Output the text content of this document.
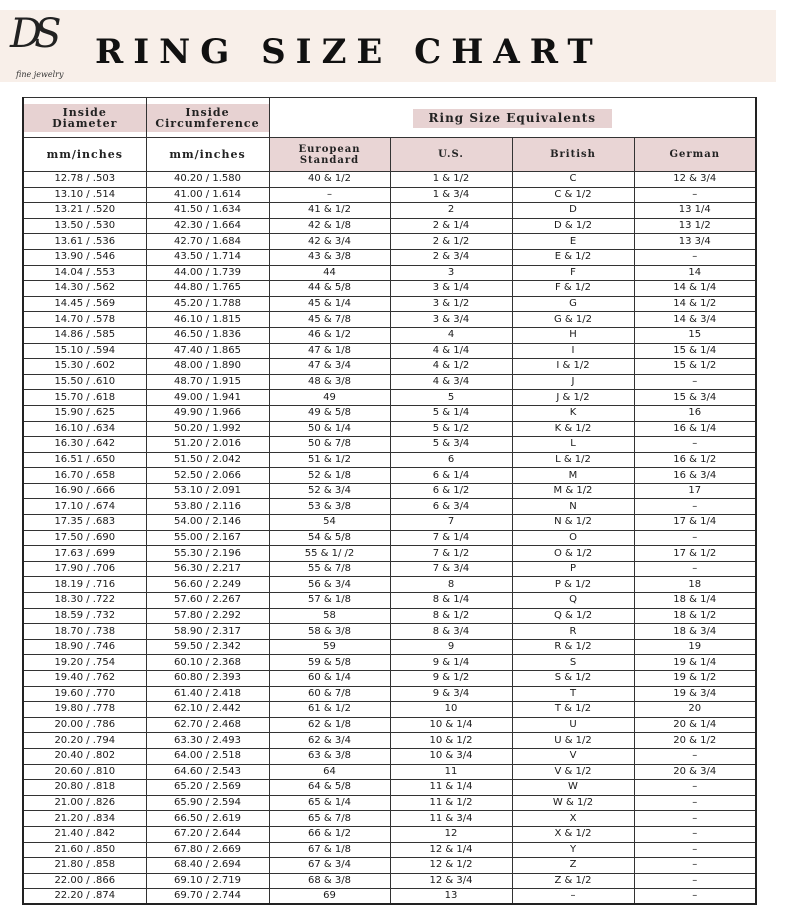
DS
fine jewelry
RING SIZE CHART
Inside Diameter	Inside Circumference	Ring Size Equivalents			
mm/inches	mm/inches	European Standard	U.S.	British	German
12.78 / .503	40.20 / 1.580	40 & 1/2	1 & 1/2	C	12 & 3/4
13.10 / .514	41.00 / 1.614	–	1 & 3/4	C & 1/2	–
13.21 / .520	41.50 / 1.634	41 & 1/2	2	D	13 1/4
13.50 / .530	42.30 / 1.664	42 & 1/8	2 & 1/4	D & 1/2	13 1/2
13.61 / .536	42.70 / 1.684	42 & 3/4	2 & 1/2	E	13 3/4
13.90 / .546	43.50 / 1.714	43 & 3/8	2 & 3/4	E & 1/2	–
14.04 / .553	44.00 / 1.739	44	3	F	14
14.30 / .562	44.80 / 1.765	44 & 5/8	3 & 1/4	F & 1/2	14 & 1/4
14.45 / .569	45.20 / 1.788	45 & 1/4	3 & 1/2	G	14 & 1/2
14.70 / .578	46.10 / 1.815	45 & 7/8	3 & 3/4	G & 1/2	14 & 3/4
14.86 / .585	46.50 / 1.836	46 & 1/2	4	H	15
15.10 / .594	47.40 / 1.865	47 & 1/8	4 & 1/4	I	15 & 1/4
15.30 / .602	48.00 / 1.890	47 & 3/4	4 & 1/2	I & 1/2	15 & 1/2
15.50 / .610	48.70 / 1.915	48 & 3/8	4 & 3/4	J	–
15.70 / .618	49.00 / 1.941	49	5	J & 1/2	15 & 3/4
15.90 / .625	49.90 / 1.966	49 & 5/8	5 & 1/4	K	16
16.10 / .634	50.20 / 1.992	50 & 1/4	5 & 1/2	K & 1/2	16 & 1/4
16.30 / .642	51.20 / 2.016	50 & 7/8	5 & 3/4	L	–
16.51 / .650	51.50 / 2.042	51 & 1/2	6	L & 1/2	16 & 1/2
16.70 / .658	52.50 / 2.066	52 & 1/8	6 & 1/4	M	16 & 3/4
16.90 / .666	53.10 / 2.091	52 & 3/4	6 & 1/2	M & 1/2	17
17.10 / .674	53.80 / 2.116	53 & 3/8	6 & 3/4	N	–
17.35 / .683	54.00 / 2.146	54	7	N & 1/2	17 & 1/4
17.50 / .690	55.00 / 2.167	54 & 5/8	7 & 1/4	O	–
17.63 / .699	55.30 / 2.196	55 & 1/ /2	7 & 1/2	O & 1/2	17 & 1/2
17.90 / .706	56.30 / 2.217	55 & 7/8	7 & 3/4	P	–
18.19 / .716	56.60 / 2.249	56 & 3/4	8	P & 1/2	18
18.30 / .722	57.60 / 2.267	57 & 1/8	8 & 1/4	Q	18 & 1/4
18.59 / .732	57.80 / 2.292	58	8 & 1/2	Q & 1/2	18 & 1/2
18.70 / .738	58.90 / 2.317	58 & 3/8	8 & 3/4	R	18 & 3/4
18.90 / .746	59.50 / 2.342	59	9	R & 1/2	19
19.20 / .754	60.10 / 2.368	59 & 5/8	9 & 1/4	S	19 & 1/4
19.40 / .762	60.80 / 2.393	60 & 1/4	9 & 1/2	S & 1/2	19 & 1/2
19.60 / .770	61.40 / 2.418	60 & 7/8	9 & 3/4	T	19 & 3/4
19.80 / .778	62.10 / 2.442	61 & 1/2	10	T & 1/2	20
20.00 / .786	62.70 / 2.468	62 & 1/8	10 & 1/4	U	20 & 1/4
20.20 / .794	63.30 / 2.493	62 & 3/4	10 & 1/2	U & 1/2	20 & 1/2
20.40 / .802	64.00 / 2.518	63 & 3/8	10 & 3/4	V	–
20.60 / .810	64.60 / 2.543	64	11	V & 1/2	20 & 3/4
20.80 / .818	65.20 / 2.569	64 & 5/8	11 & 1/4	W	–
21.00 / .826	65.90 / 2.594	65 & 1/4	11 & 1/2	W & 1/2	–
21.20 / .834	66.50 / 2.619	65 & 7/8	11 & 3/4	X	–
21.40 / .842	67.20 / 2.644	66 & 1/2	12	X & 1/2	–
21.60 / .850	67.80 / 2.669	67 & 1/8	12 & 1/4	Y	–
21.80 / .858	68.40 / 2.694	67 & 3/4	12 & 1/2	Z	–
22.00 / .866	69.10 / 2.719	68 & 3/8	12 & 3/4	Z & 1/2	–
22.20 / .874	69.70 / 2.744	69	13	–	–
